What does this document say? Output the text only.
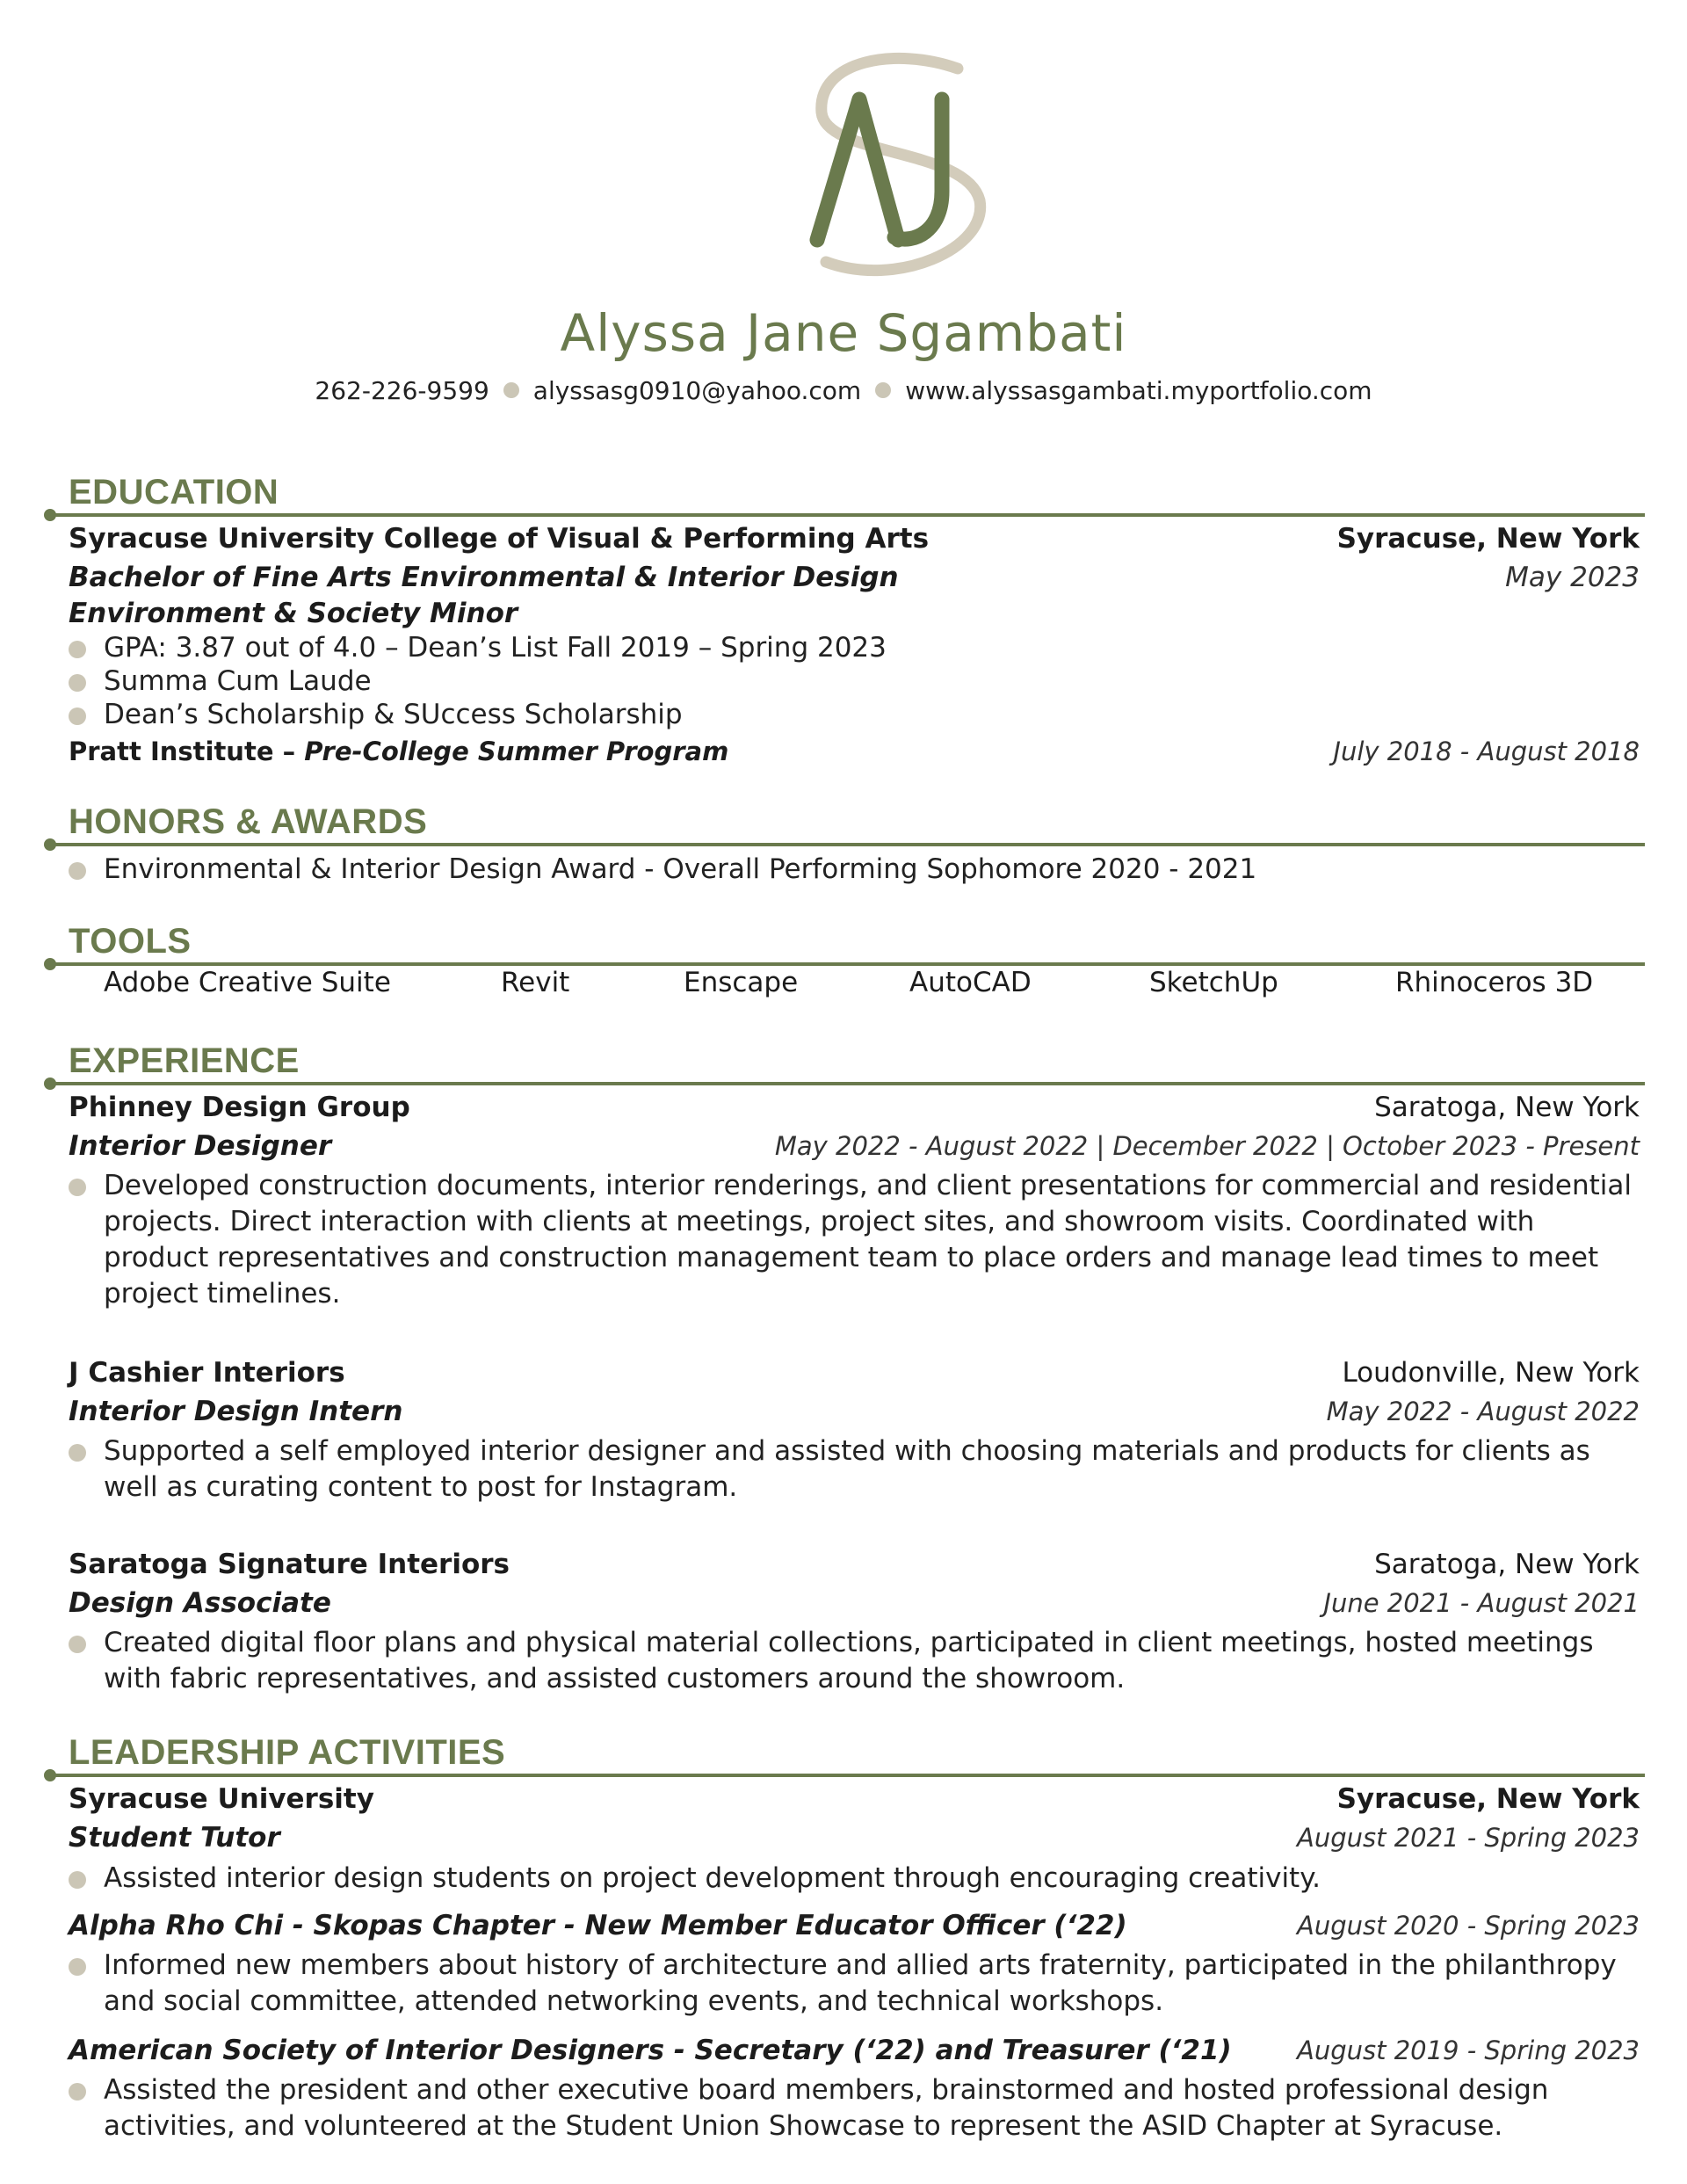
Alyssa Jane Sgambati
262-226-9599 alyssasg0910@yahoo.com www.alyssasgambati.myportfolio.com
EDUCATION
Syracuse University College of Visual & Performing Arts	Syracuse, New York
Bachelor of Fine Arts Environmental & Interior Design	May 2023
Environment & Society Minor
GPA: 3.87 out of 4.0 – Dean’s List Fall 2019 – Spring 2023
Summa Cum Laude
Dean’s Scholarship & SUccess Scholarship
Pratt Institute – Pre-College Summer Program	July 2018 - August 2018
HONORS & AWARDS
Environmental & Interior Design Award - Overall Performing Sophomore 2020 - 2021
TOOLS
Adobe Creative Suite	Revit	Enscape	AutoCAD	SketchUp	Rhinoceros 3D
EXPERIENCE
Phinney Design Group	Saratoga, New York
Interior Designer	May 2022 - August 2022 | December 2022 | October 2023 - Present
Developed construction documents, interior renderings, and client presentations for commercial and residential projects. Direct interaction with clients at meetings, project sites, and showroom visits. Coordinated with product representatives and construction management team to place orders and manage lead times to meet project timelines.
J Cashier Interiors	Loudonville, New York
Interior Design Intern	May 2022 - August 2022
Supported a self employed interior designer and assisted with choosing materials and products for clients as well as curating content to post for Instagram.
Saratoga Signature Interiors	Saratoga, New York
Design Associate	June 2021 - August 2021
Created digital floor plans and physical material collections, participated in client meetings, hosted meetings with fabric representatives, and assisted customers around the showroom.
LEADERSHIP ACTIVITIES
Syracuse University	Syracuse, New York
Student Tutor	August 2021 - Spring 2023
Assisted interior design students on project development through encouraging creativity.
Alpha Rho Chi - Skopas Chapter - New Member Educator Officer (‘22)	August 2020 - Spring 2023
Informed new members about history of architecture and allied arts fraternity, participated in the philanthropy and social committee, attended networking events, and technical workshops.
American Society of Interior Designers - Secretary (‘22) and Treasurer (‘21)	August 2019 - Spring 2023
Assisted the president and other executive board members, brainstormed and hosted professional design activities, and volunteered at the Student Union Showcase to represent the ASID Chapter at Syracuse.
